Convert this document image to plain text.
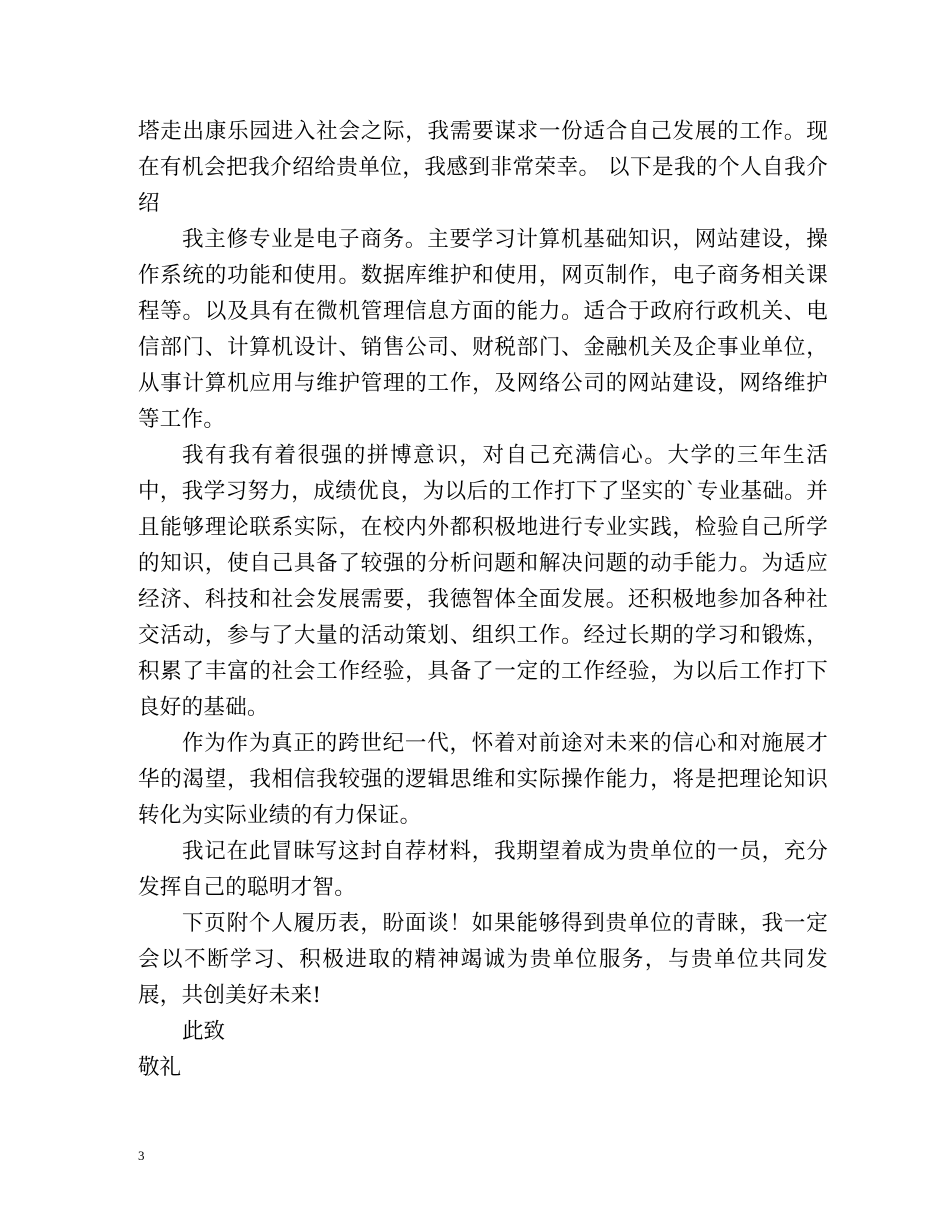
塔走出康乐园进入社会之际，我需要谋求一份适合自己发展的工作。现在有机会把我介绍给贵单位，我感到非常荣幸。 以下是我的个人自我介绍

我主修专业是电子商务。主要学习计算机基础知识，网站建设，操作系统的功能和使用。数据库维护和使用，网页制作，电子商务相关课程等。以及具有在微机管理信息方面的能力。适合于政府行政机关、电信部门、计算机设计、销售公司、财税部门、金融机关及企事业单位，从事计算机应用与维护管理的工作，及网络公司的网站建设，网络维护等工作。

我有我有着很强的拼博意识，对自己充满信心。大学的三年生活中，我学习努力，成绩优良，为以后的工作打下了坚实的`专业基础。并且能够理论联系实际，在校内外都积极地进行专业实践，检验自己所学的知识，使自己具备了较强的分析问题和解决问题的动手能力。为适应经济、科技和社会发展需要，我德智体全面发展。还积极地参加各种社交活动，参与了大量的活动策划、组织工作。经过长期的学习和锻炼，积累了丰富的社会工作经验，具备了一定的工作经验，为以后工作打下良好的基础。

作为作为真正的跨世纪一代，怀着对前途对未来的信心和对施展才华的渴望，我相信我较强的逻辑思维和实际操作能力，将是把理论知识转化为实际业绩的有力保证。

我记在此冒昧写这封自荐材料，我期望着成为贵单位的一员，充分发挥自己的聪明才智。

下页附个人履历表，盼面谈！如果能够得到贵单位的青睐，我一定会以不断学习、积极进取的精神竭诚为贵单位服务，与贵单位共同发展，共创美好未来!

此致

敬礼

3
